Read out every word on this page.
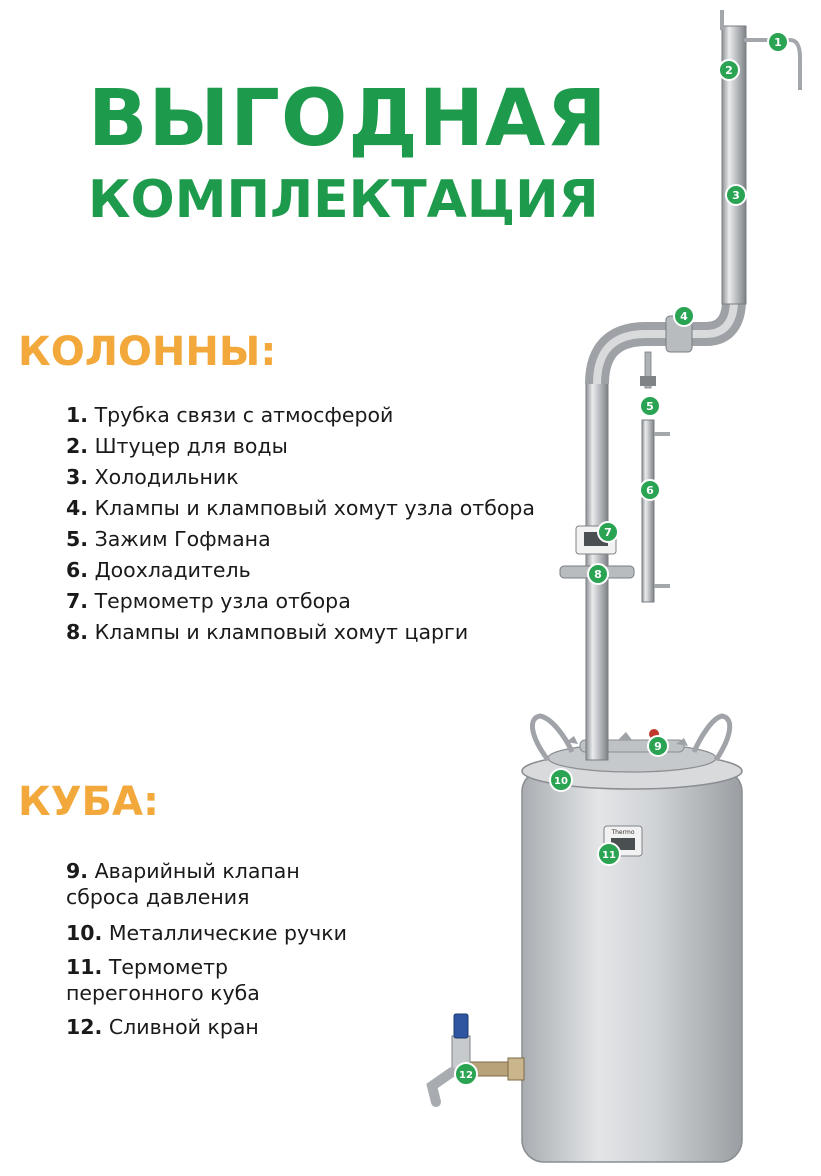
ВЫГОДНАЯ
КОМПЛЕКТАЦИЯ
КОЛОННЫ:
1. Трубка связи с атмосферой
2. Штуцер для воды
3. Холодильник
4. Клампы и кламповый хомут узла отбора
5. Зажим Гофмана
6. Доохладитель
7. Термометр узла отбора
8. Клампы и кламповый хомут царги
КУБА:
9. Аварийный клапан
сброса давления
10. Металлические ручки
11. Термометр
перегонного куба
12. Сливной кран
Thermo
1
2
3
4
5
6
7
8
9
10
11
12
